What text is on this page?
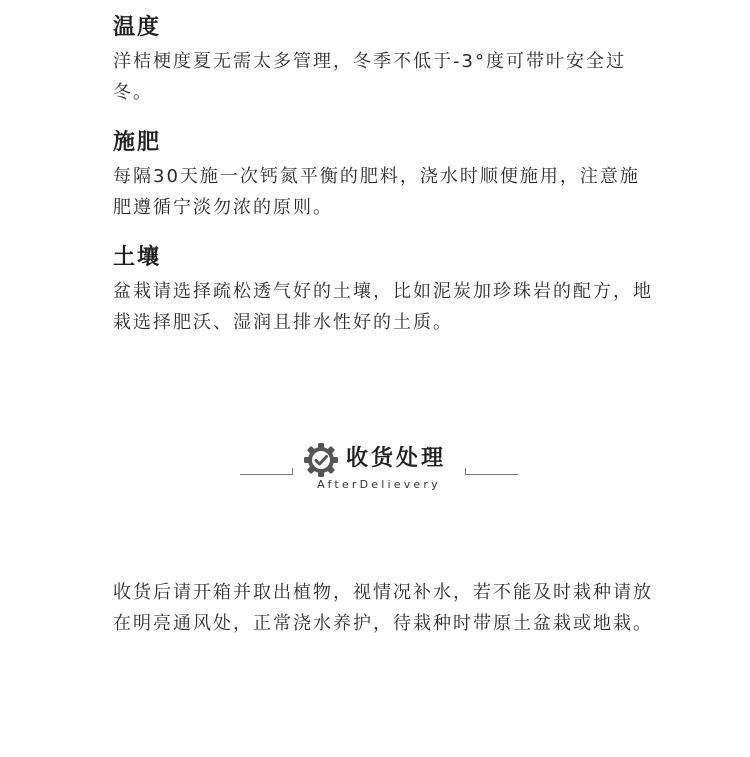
温度

洋桔梗度夏无需太多管理，冬季不低于-3°度可带叶安全过冬。

施肥

每隔30天施一次钙氮平衡的肥料，浇水时顺便施用，注意施肥遵循宁淡勿浓的原则。

土壤

盆栽请选择疏松透气好的土壤，比如泥炭加珍珠岩的配方，地栽选择肥沃、湿润且排水性好的土质。

收货处理
AfterDelievery

收货后请开箱并取出植物，视情况补水，若不能及时栽种请放在明亮通风处，正常浇水养护，待栽种时带原土盆栽或地栽。
